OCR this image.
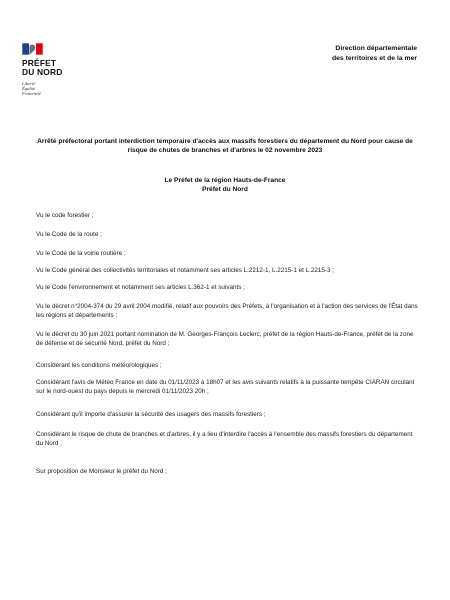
PRÉFET
DU NORD
Liberté
Égalité
Fraternité
Direction départementale
des territoires et de la mer
Arrêté préfectoral portant interdiction temporaire d'accès aux massifs forestiers du département du Nord pour cause de risque de chutes de branches et d'arbres le 02 novembre 2023
Le Préfet de la région Hauts-de-France
Préfet du Nord
Vu le code forestier ;
Vu le Code de la route ;
Vu le Code de la voirie routière ;
Vu le Code général des collectivités territoriales et notamment ses articles L.2212-1, L.2215-1 et L.2215-3 ;
Vu le Code l'environnement et notamment ses articles L.362-1 et suivants ;
Vu le décret n°2004-374 du 29 avril 2004 modifié, relatif aux pouvoirs des Préfets, à l'organisation et à l'action des services de l'État dans les régions et départements ;
Vu le décret du 30 juin 2021 portant nomination de M. Georges-François Leclerc, préfet de la région Hauts-de-France, préfet de la zone de défense et de sécurité Nord, préfet du Nord ;
Considérant les conditions météorologiques ;
Considérant l'avis de Météo France en date du 01/11/2023 à 18h07 et les avis suivants relatifs à la puissante tempête CIARAN circulant sur le nord-ouest du pays depuis le mercredi 01/11/2023 20h ;
Considérant qu'il importe d'assurer la sécurité des usagers des massifs forestiers ;
Considérant le risque de chute de branches et d'arbres, il y a lieu d'interdire l'accès à l'ensemble des massifs forestiers du département du Nord ;
Sur proposition de Monsieur le préfet du Nord ;
